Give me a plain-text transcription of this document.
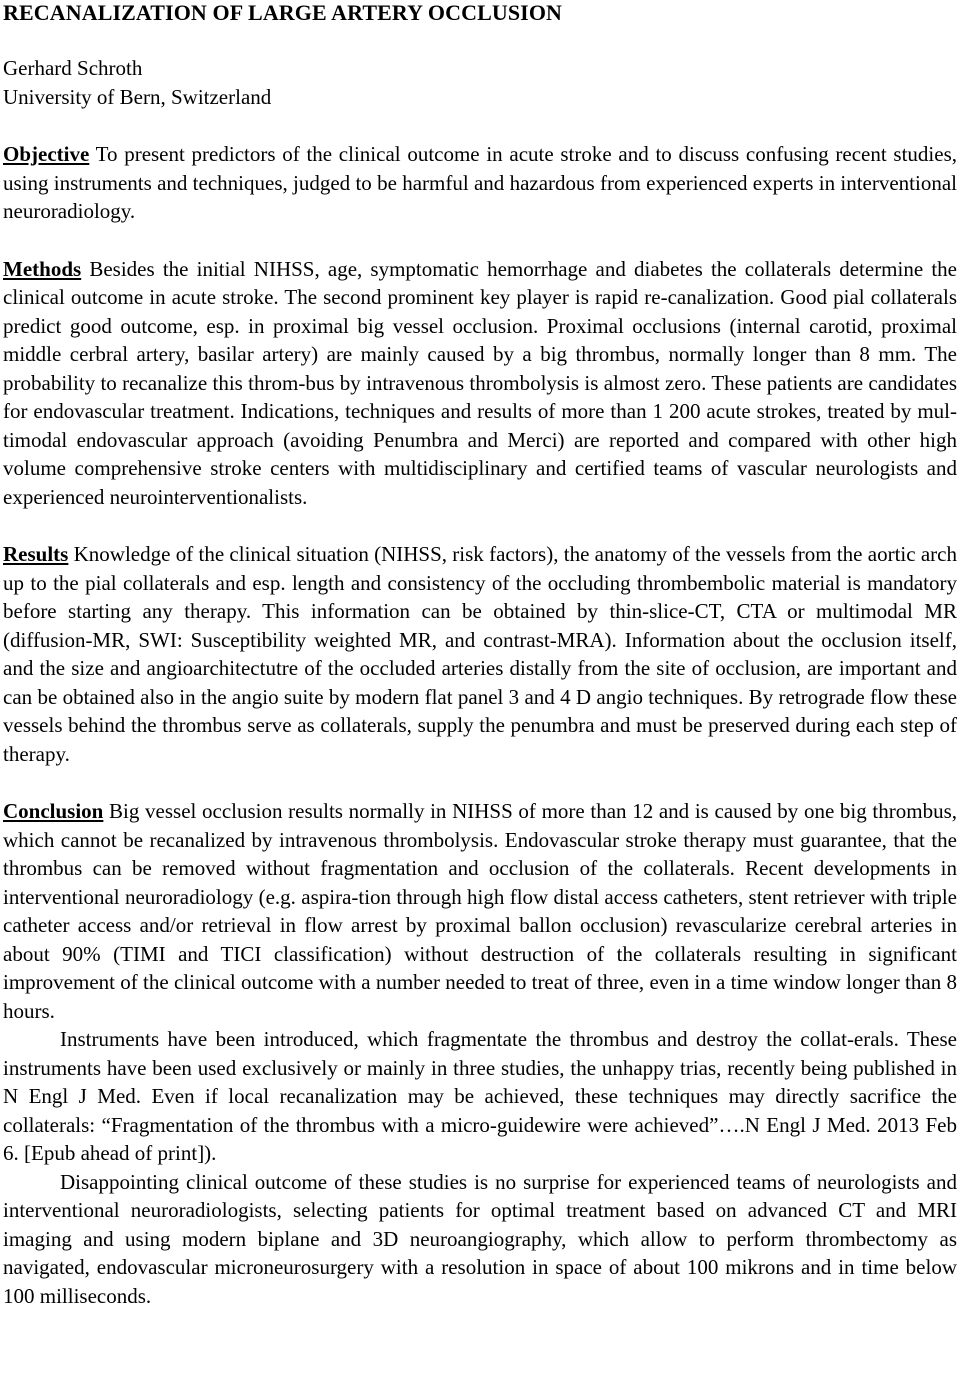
RECANALIZATION OF LARGE ARTERY OCCLUSION
Gerhard Schroth
University of Bern, Switzerland

Objective To present predictors of the clinical outcome in acute stroke and to discuss confusing recent studies, using instruments and techniques, judged to be harmful and hazardous from experienced experts in interventional neuroradiology.

Methods Besides the initial NIHSS, age, symptomatic hemorrhage and diabetes the collaterals determine the clinical outcome in acute stroke. The second prominent key player is rapid re-canalization. Good pial collaterals predict good outcome, esp. in proximal big vessel occlusion. Proximal occlusions (internal carotid, proximal middle cerbral artery, basilar artery) are mainly caused by a big thrombus, normally longer than 8 mm. The probability to recanalize this throm-bus by intravenous thrombolysis is almost zero. These patients are candidates for endovascular treatment. Indications, techniques and results of more than 1 200 acute strokes, treated by mul-timodal endovascular approach (avoiding Penumbra and Merci) are reported and compared with other high volume comprehensive stroke centers with multidisciplinary and certified teams of vascular neurologists and experienced neurointerventionalists.

Results Knowledge of the clinical situation (NIHSS, risk factors), the anatomy of the vessels from the aortic arch up to the pial collaterals and esp. length and consistency of the occluding thrombembolic material is mandatory before starting any therapy. This information can be obtained by thin-slice-CT, CTA or multimodal MR (diffusion-MR, SWI: Susceptibility weighted MR, and contrast-MRA). Information about the occlusion itself, and the size and angioarchitectutre of the occluded arteries distally from the site of occlusion, are important and can be obtained also in the angio suite by modern flat panel 3 and 4 D angio techniques. By retrograde flow these vessels behind the thrombus serve as collaterals, supply the penumbra and must be preserved during each step of therapy.

Conclusion Big vessel occlusion results normally in NIHSS of more than 12 and is caused by one big thrombus, which cannot be recanalized by intravenous thrombolysis. Endovascular stroke therapy must guarantee, that the thrombus can be removed without fragmentation and occlusion of the collaterals. Recent developments in interventional neuroradiology (e.g. aspira-tion through high flow distal access catheters, stent retriever with triple catheter access and/or retrieval in flow arrest by proximal ballon occlusion) revascularize cerebral arteries in about 90% (TIMI and TICI classification) without destruction of the collaterals resulting in significant improvement of the clinical outcome with a number needed to treat of three, even in a time window longer than 8 hours.

Instruments have been introduced, which fragmentate the thrombus and destroy the collat-erals. These instruments have been used exclusively or mainly in three studies, the unhappy trias, recently being published in N Engl J Med. Even if local recanalization may be achieved, these techniques may directly sacrifice the collaterals: “Fragmentation of the thrombus with a micro-guidewire were achieved”….N Engl J Med. 2013 Feb 6. [Epub ahead of print]).

Disappointing clinical outcome of these studies is no surprise for experienced teams of neurologists and interventional neuroradiologists, selecting patients for optimal treatment based on advanced CT and MRI imaging and using modern biplane and 3D neuroangiography, which allow to perform thrombectomy as navigated, endovascular microneurosurgery with a resolution in space of about 100 mikrons and in time below 100 milliseconds.
